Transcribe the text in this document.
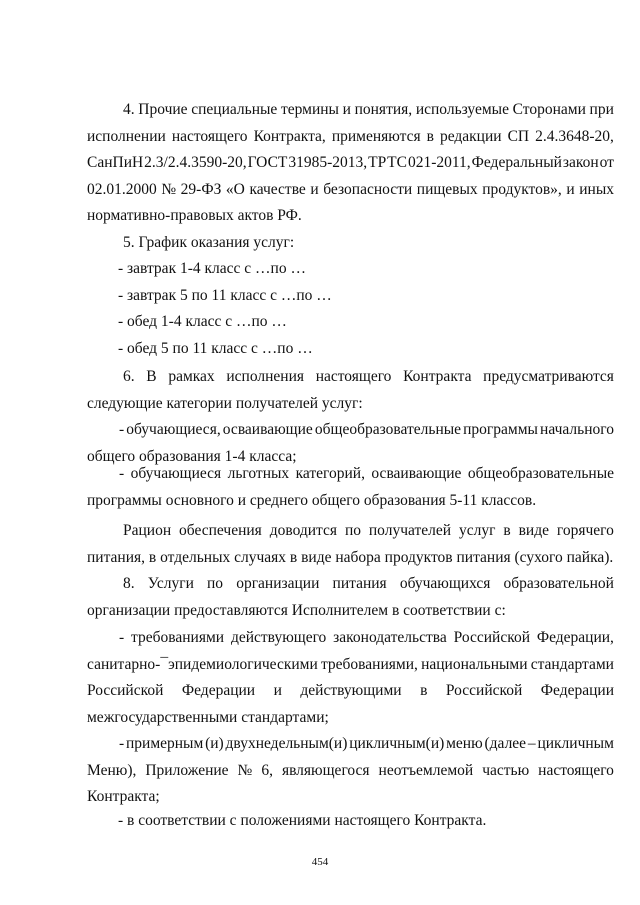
4. Прочие специальные термины и понятия, используемые Сторонами при
исполнении настоящего Контракта, применяются в редакции СП 2.4.3648-20,
СанПиН 2.3/2.4.3590-20, ГОСТ 31985-2013, ТР ТС 021-2011, Федеральный закон от
02.01.2000 № 29-ФЗ «О качестве и безопасности пищевых продуктов», и иных
нормативно-правовых актов РФ.
5. График оказания услуг:
- завтрак 1-4 класс с …по …
- завтрак 5 по 11 класс с …по …
- обед 1-4 класс с …по …
- обед 5 по 11 класс с …по …
6. В рамках исполнения настоящего Контракта предусматриваются
следующие категории получателей услуг:
- обучающиеся, осваивающие общеобразовательные программы начального
общего образования 1-4 класса;
- обучающиеся льготных категорий, осваивающие общеобразовательные
программы основного и среднего общего образования 5-11 классов.
Рацион обеспечения доводится по получателей услуг в виде горячего
питания, в отдельных случаях в виде набора продуктов питания (сухого пайка).
8. Услуги по организации питания обучающихся образовательной
организации предоставляются Исполнителем в соответствии с:
- требованиями действующего законодательства Российской Федерации,
санитарно-¯эпидемиологическими требованиями, национальными стандартами
Российской Федерации и действующими в Российской Федерации
межгосударственными стандартами;
- примерным (и) двухнедельным(и) цикличным(и) меню (далее – цикличным
Меню), Приложение № 6, являющегося неотъемлемой частью настоящего
Контракта;
- в соответствии с положениями настоящего Контракта.
454
